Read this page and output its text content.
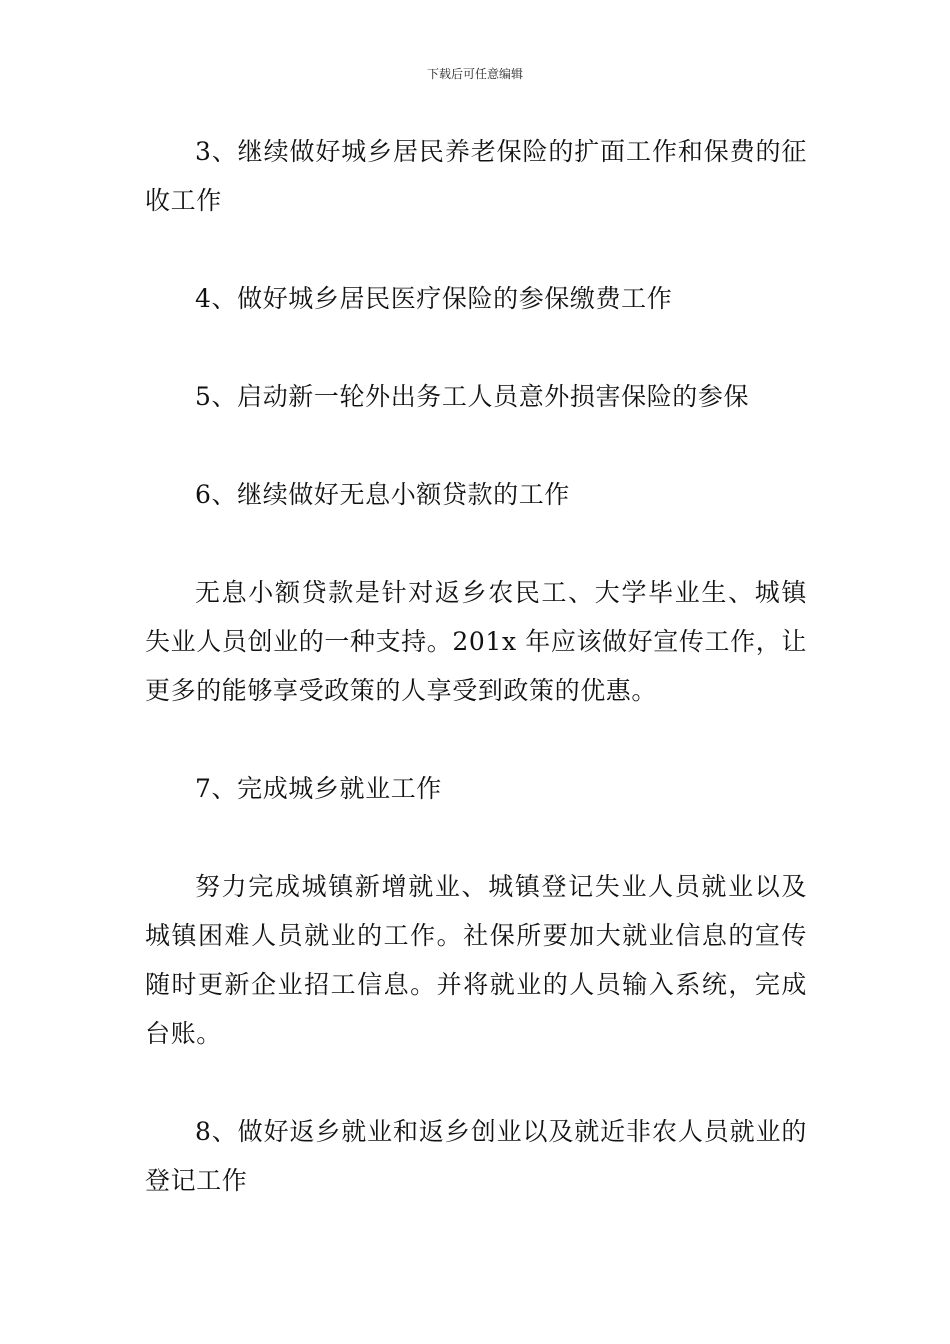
下载后可任意编辑

3、继续做好城乡居民养老保险的扩面工作和保费的征收工作

4、做好城乡居民医疗保险的参保缴费工作

5、启动新一轮外出务工人员意外损害保险的参保

6、继续做好无息小额贷款的工作

无息小额贷款是针对返乡农民工、大学毕业生、城镇失业人员创业的一种支持。201x 年应该做好宣传工作，让更多的能够享受政策的人享受到政策的优惠。

7、完成城乡就业工作

努力完成城镇新增就业、城镇登记失业人员就业以及城镇困难人员就业的工作。社保所要加大就业信息的宣传随时更新企业招工信息。并将就业的人员输入系统，完成台账。

8、做好返乡就业和返乡创业以及就近非农人员就业的登记工作
